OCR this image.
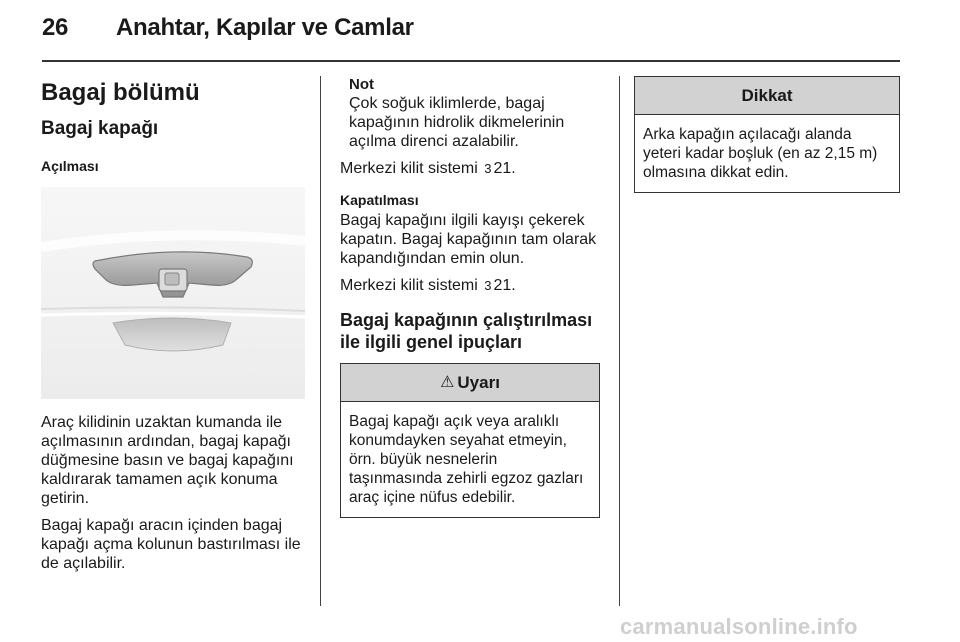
26 Anahtar, Kapılar ve Camlar
Bagaj bölümü
Bagaj kapağı
Açılması

Araç kilidinin uzaktan kumanda ile açılmasının ardından, bagaj kapağı düğmesine basın ve bagaj kapağını kaldırarak tamamen açık konuma getirin.

Bagaj kapağı aracın içinden bagaj kapağı açma kolunun bastırılması ile de açılabilir.

Not
Çok soğuk iklimlerde, bagaj kapağının hidrolik dikmelerinin açılma direnci azalabilir.

Merkezi kilit sistemi 3 21.

Kapatılması

Bagaj kapağını ilgili kayışı çekerek kapatın. Bagaj kapağının tam olarak kapandığından emin olun.

Merkezi kilit sistemi 3 21.

Bagaj kapağının çalıştırılması ile ilgili genel ipuçları
⚠ Uyarı
Bagaj kapağı açık veya aralıklı konumdayken seyahat etmeyin, örn. büyük nesnelerin taşınmasında zehirli egzoz gazları araç içine nüfus edebilir.
Dikkat
Arka kapağın açılacağı alanda yeteri kadar boşluk (en az 2,15 m) olmasına dikkat edin.
carmanualsonline.info
